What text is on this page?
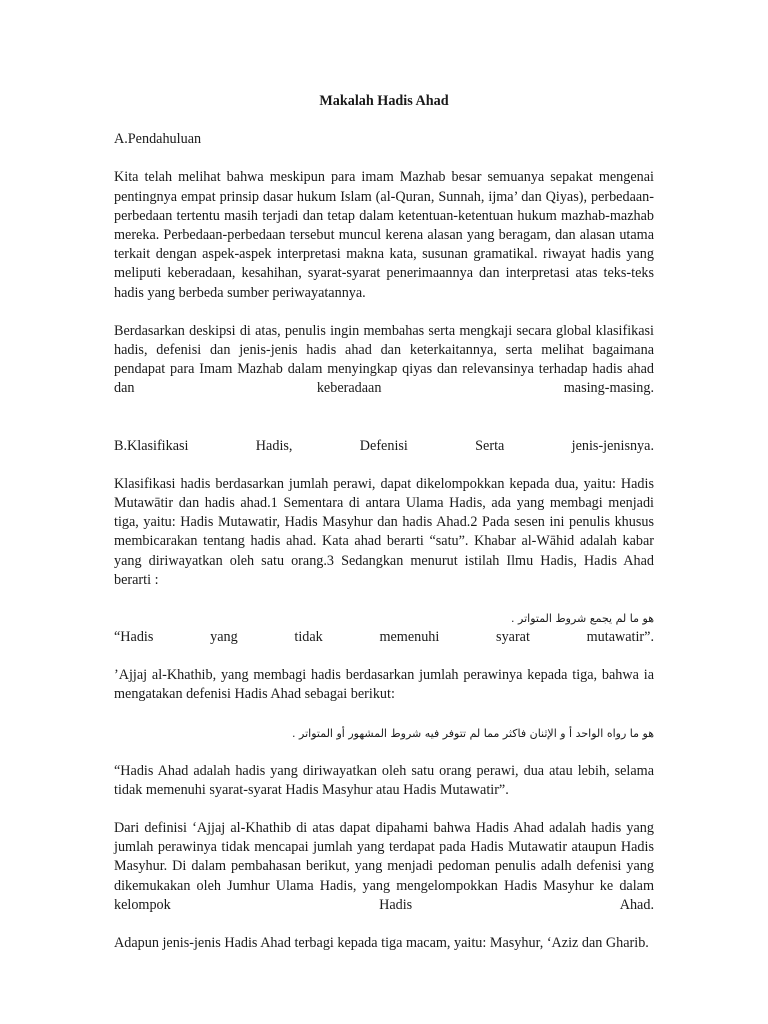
Makalah Hadis Ahad
A.Pendahuluan

Kita telah melihat bahwa meskipun para imam Mazhab besar semuanya sepakat mengenai pentingnya empat prinsip dasar hukum Islam (al-Quran, Sunnah, ijma’ dan Qiyas), perbedaan-perbedaan tertentu masih terjadi dan tetap dalam ketentuan-ketentuan hukum mazhab-mazhab mereka. Perbedaan-perbedaan tersebut muncul kerena alasan yang beragam, dan alasan utama terkait dengan aspek-aspek interpretasi makna kata, susunan gramatikal. riwayat hadis yang meliputi keberadaan, kesahihan, syarat-syarat penerimaannya dan interpretasi atas teks-teks hadis yang berbeda sumber periwayatannya.

Berdasarkan deskipsi di atas, penulis ingin membahas serta mengkaji secara global klasifikasi hadis, defenisi dan jenis-jenis hadis ahad dan keterkaitannya, serta melihat bagaimana pendapat para Imam Mazhab dalam menyingkap qiyas dan relevansinya terhadap hadis ahad dan keberadaan masing-masing.

B.Klasifikasi Hadis, Defenisi Serta jenis-jenisnya.

Klasifikasi hadis berdasarkan jumlah perawi, dapat dikelompokkan kepada dua, yaitu: Hadis Mutawātir dan hadis ahad.1 Sementara di antara Ulama Hadis, ada yang membagi menjadi tiga, yaitu: Hadis Mutawatir, Hadis Masyhur dan hadis Ahad.2 Pada sesen ini penulis khusus membicarakan tentang hadis ahad. Kata ahad berarti “satu”. Khabar al-Wāhid adalah kabar yang diriwayatkan oleh satu orang.3 Sedangkan menurut istilah Ilmu Hadis, Hadis Ahad berarti :

هو ما لم يجمع شروط المتواتر .

“Hadis yang tidak memenuhi syarat mutawatir”.

’Ajjaj al-Khathib, yang membagi hadis berdasarkan jumlah perawinya kepada tiga, bahwa ia mengatakan defenisi Hadis Ahad sebagai berikut:

هو ما رواه الواحد أ و الإثنان فاكثر مما لم تتوفر فيه شروط المشهور أو المتواتر .

“Hadis Ahad adalah hadis yang diriwayatkan oleh satu orang perawi, dua atau lebih, selama tidak memenuhi syarat-syarat Hadis Masyhur atau Hadis Mutawatir”.

Dari definisi ‘Ajjaj al-Khathib di atas dapat dipahami bahwa Hadis Ahad adalah hadis yang jumlah perawinya tidak mencapai jumlah yang terdapat pada Hadis Mutawatir ataupun Hadis Masyhur. Di dalam pembahasan berikut, yang menjadi pedoman penulis adalh defenisi yang dikemukakan oleh Jumhur Ulama Hadis, yang mengelompokkan Hadis Masyhur ke dalam kelompok Hadis Ahad.

Adapun jenis-jenis Hadis Ahad terbagi kepada tiga macam, yaitu: Masyhur, ‘Aziz dan Gharib.
